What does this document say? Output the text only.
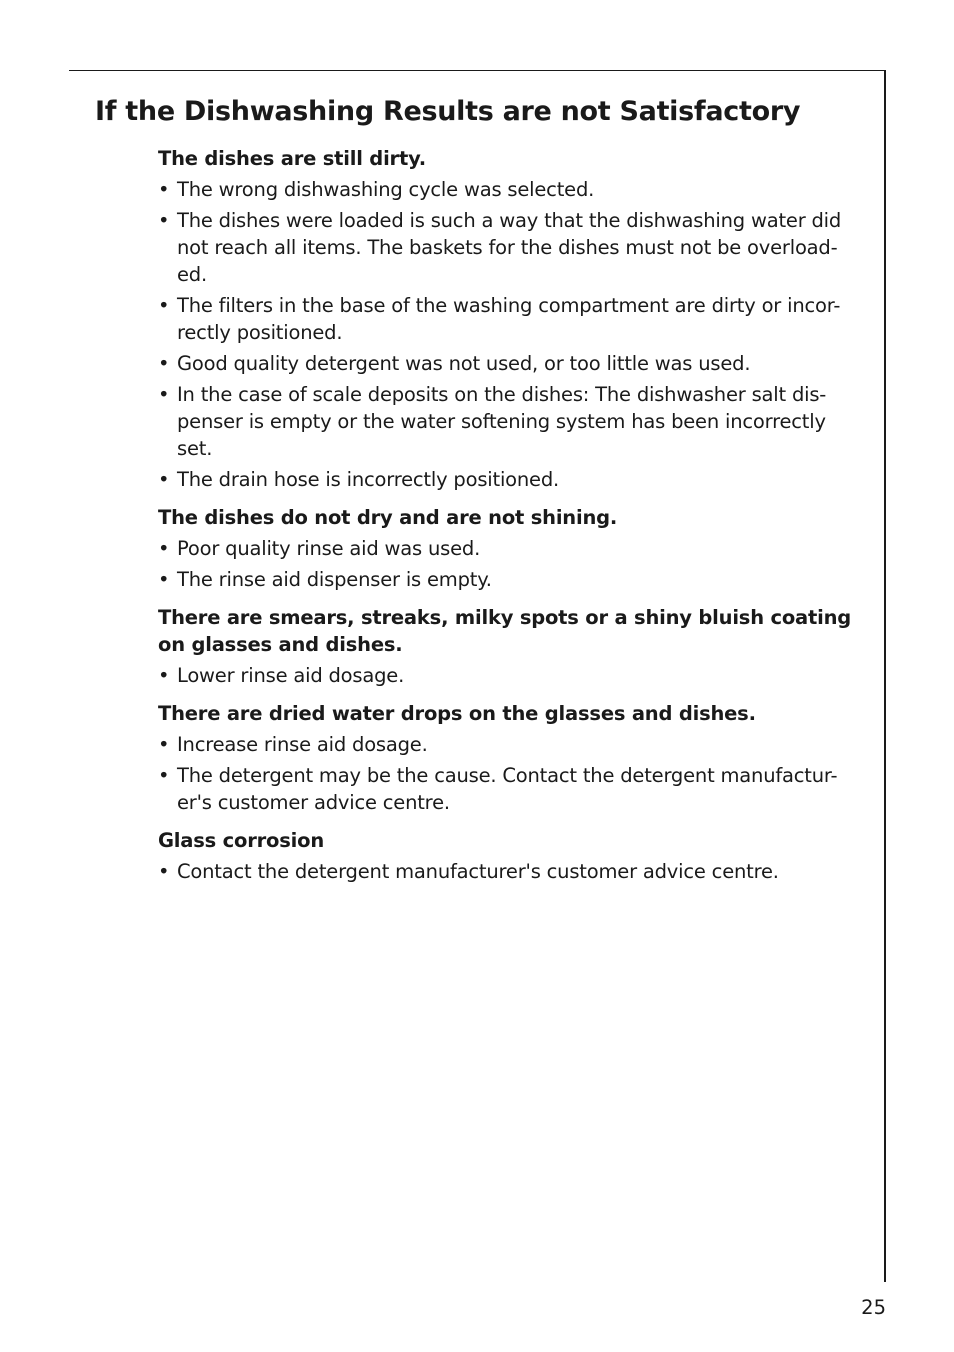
If the Dishwashing Results are not Satisfactory
The dishes are still dirty.
• The wrong dishwashing cycle was selected.
• The dishes were loaded is such a way that the dishwashing water did not reach all items. The baskets for the dishes must not be overload-ed.
• The filters in the base of the washing compartment are dirty or incor-rectly positioned.
• Good quality detergent was not used, or too little was used.
• In the case of scale deposits on the dishes: The dishwasher salt dis-penser is empty or the water softening system has been incorrectly set.
• The drain hose is incorrectly positioned.
The dishes do not dry and are not shining.
• Poor quality rinse aid was used.
• The rinse aid dispenser is empty.
There are smears, streaks, milky spots or a shiny bluish coating on glasses and dishes.
• Lower rinse aid dosage.
There are dried water drops on the glasses and dishes.
• Increase rinse aid dosage.
• The detergent may be the cause. Contact the detergent manufactur-er's customer advice centre.
Glass corrosion
• Contact the detergent manufacturer's customer advice centre.
25
